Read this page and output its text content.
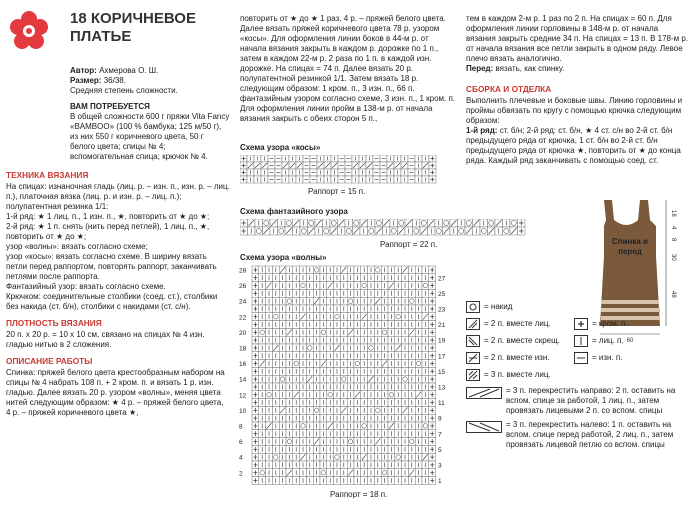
18 КОРИЧНЕВОЕ
ПЛАТЬЕ

Автор: Ахмерова О. Ш.

Размер: 36/38.

Средняя степень сложности.

ВАМ ПОТРЕБУЕТСЯ

В общей сложности 600 г пряжи Vita Fancy «BAMBOO» (100 % бамбука; 125 м/50 г), из них 550 г коричневого цвета, 50 г белого цвета; спицы № 4; вспомогательная спица; крючок № 4.

ТЕХНИКА ВЯЗАНИЯ

На спицах: изнаночная гладь (лиц. р. – изн. п., изн. р. – лиц. п.), платочная вязка (лиц. р. и изн. р. – лиц. п.);

полупатентная резинка 1/1:

1-й ряд: ★ 1 лиц. п., 1 изн. п., ★, повторить от ★ до ★;

2-й ряд: ★ 1 п. снять (нить перед петлей), 1 лиц. п., ★, повторить от ★ до ★;

узор «волны»: вязать согласно схеме;

узор «косы»: вязать согласно схеме. В ширину вязать петли перед раппортом, повторять раппорт, заканчивать петлями после раппорта.

Фантазийный узор: вязать согласно схеме.

Крючком: соединительные столбики (соед. ст.), столбики без накида (ст. б/н), столбики с накидами (ст. с/н).

ПЛОТНОСТЬ ВЯЗАНИЯ

20 п. х 20 р. = 10 х 10 см, связано на спицах № 4 изн. гладью нитью в 2 сложения.

ОПИСАНИЕ РАБОТЫ

Спинка: пряжей белого цвета крестообразным набором на спицы № 4 набрать 108 п. + 2 кром. п. и вязать 1 р. изн. гладью. Далее вязать 20 р. узором «волны», меняя цвета нитей следующим образом: ★ 4 р. – пряжей белого цвета, 4 р. – пряжей коричневого цвета ★,

повторить от ★ до ★ 1 раз, 4 р. – пряжей белого цвета. Далее вязать пряжей коричневого цвета 78 р. узором «косы». Для оформления линии боков в 44-м р. от начала вязания закрыть в каждом р. дорожке по 1 п., затем в каждом 22-м р. 2 раза по 1 п. в каждой изн. дорожке. На спицах = 74 п. Далее вязать 20 р. полупатентной резинкой 1/1. Затем вязать 18 р. следующим образом: 1 кром. п., 3 изн. п., 66 п. фантазийным узором согласно схеме, 3 изн. п., 1 кром. п. Для оформления линии пройм в 138-м р. от начала вязания закрыть с обеих сторон 5 п.,

Схема узора «косы»
Раппорт = 15 п.
Схема фантазийного узора
Раппорт = 22 п.
Схема узора «волны»
28
26
24
22
20
18
16
14
12
10
8
6
4
2
27
25
23
21
19
17
15
13
11
9
7
5
3
1
Раппорт = 18 п.

тем в каждом 2-м р. 1 раз по 2 п. На спицах = 60 п. Для оформления линии горловины в 148-м р. от начала вязания закрыть средние 34 п. На спицах = 13 п. В 178-м р. от начала вязания все петли закрыть в одном ряду. Левое плечо вязать аналогично.

Перед: вязать, как спинку.

СБОРКА И ОТДЕЛКА

Выполнить плечевые и боковые швы. Линию горловины и проймы обвязать по кругу с помощью крючка следующим образом:

1-й ряд: ст. б/н; 2-й ряд: ст. б/н, ★ 4 ст. с/н во 2-й ст. б/н предыдущего ряда от крючка, 1 ст. б/н во 2-й ст. б/н предыдущего ряда от крючка ★, повторить от ★ до конца ряда. Каждый ряд заканчивать с помощью соед. ст.

Спинка и
перед
18
4
8
30
48
60
= накид
= 2 п. вместе лиц.
= 2 п. вместе скрещ.
= 2 п. вместе изн.
= 3 п. вместе лиц.
= кром. п.
= лиц. п.
= изн. п.
= 3 п. перекрестить направо: 2 п. оставить на вспом. спице за работой, 1 лиц. п., затем провязать лицевыми 2 п. со вспом. спицы
= 3 п. перекрестить налево: 1 п. оставить на вспом. спице перед работой, 2 лиц. п., затем провязать лицевой петлю со вспом. спицы
